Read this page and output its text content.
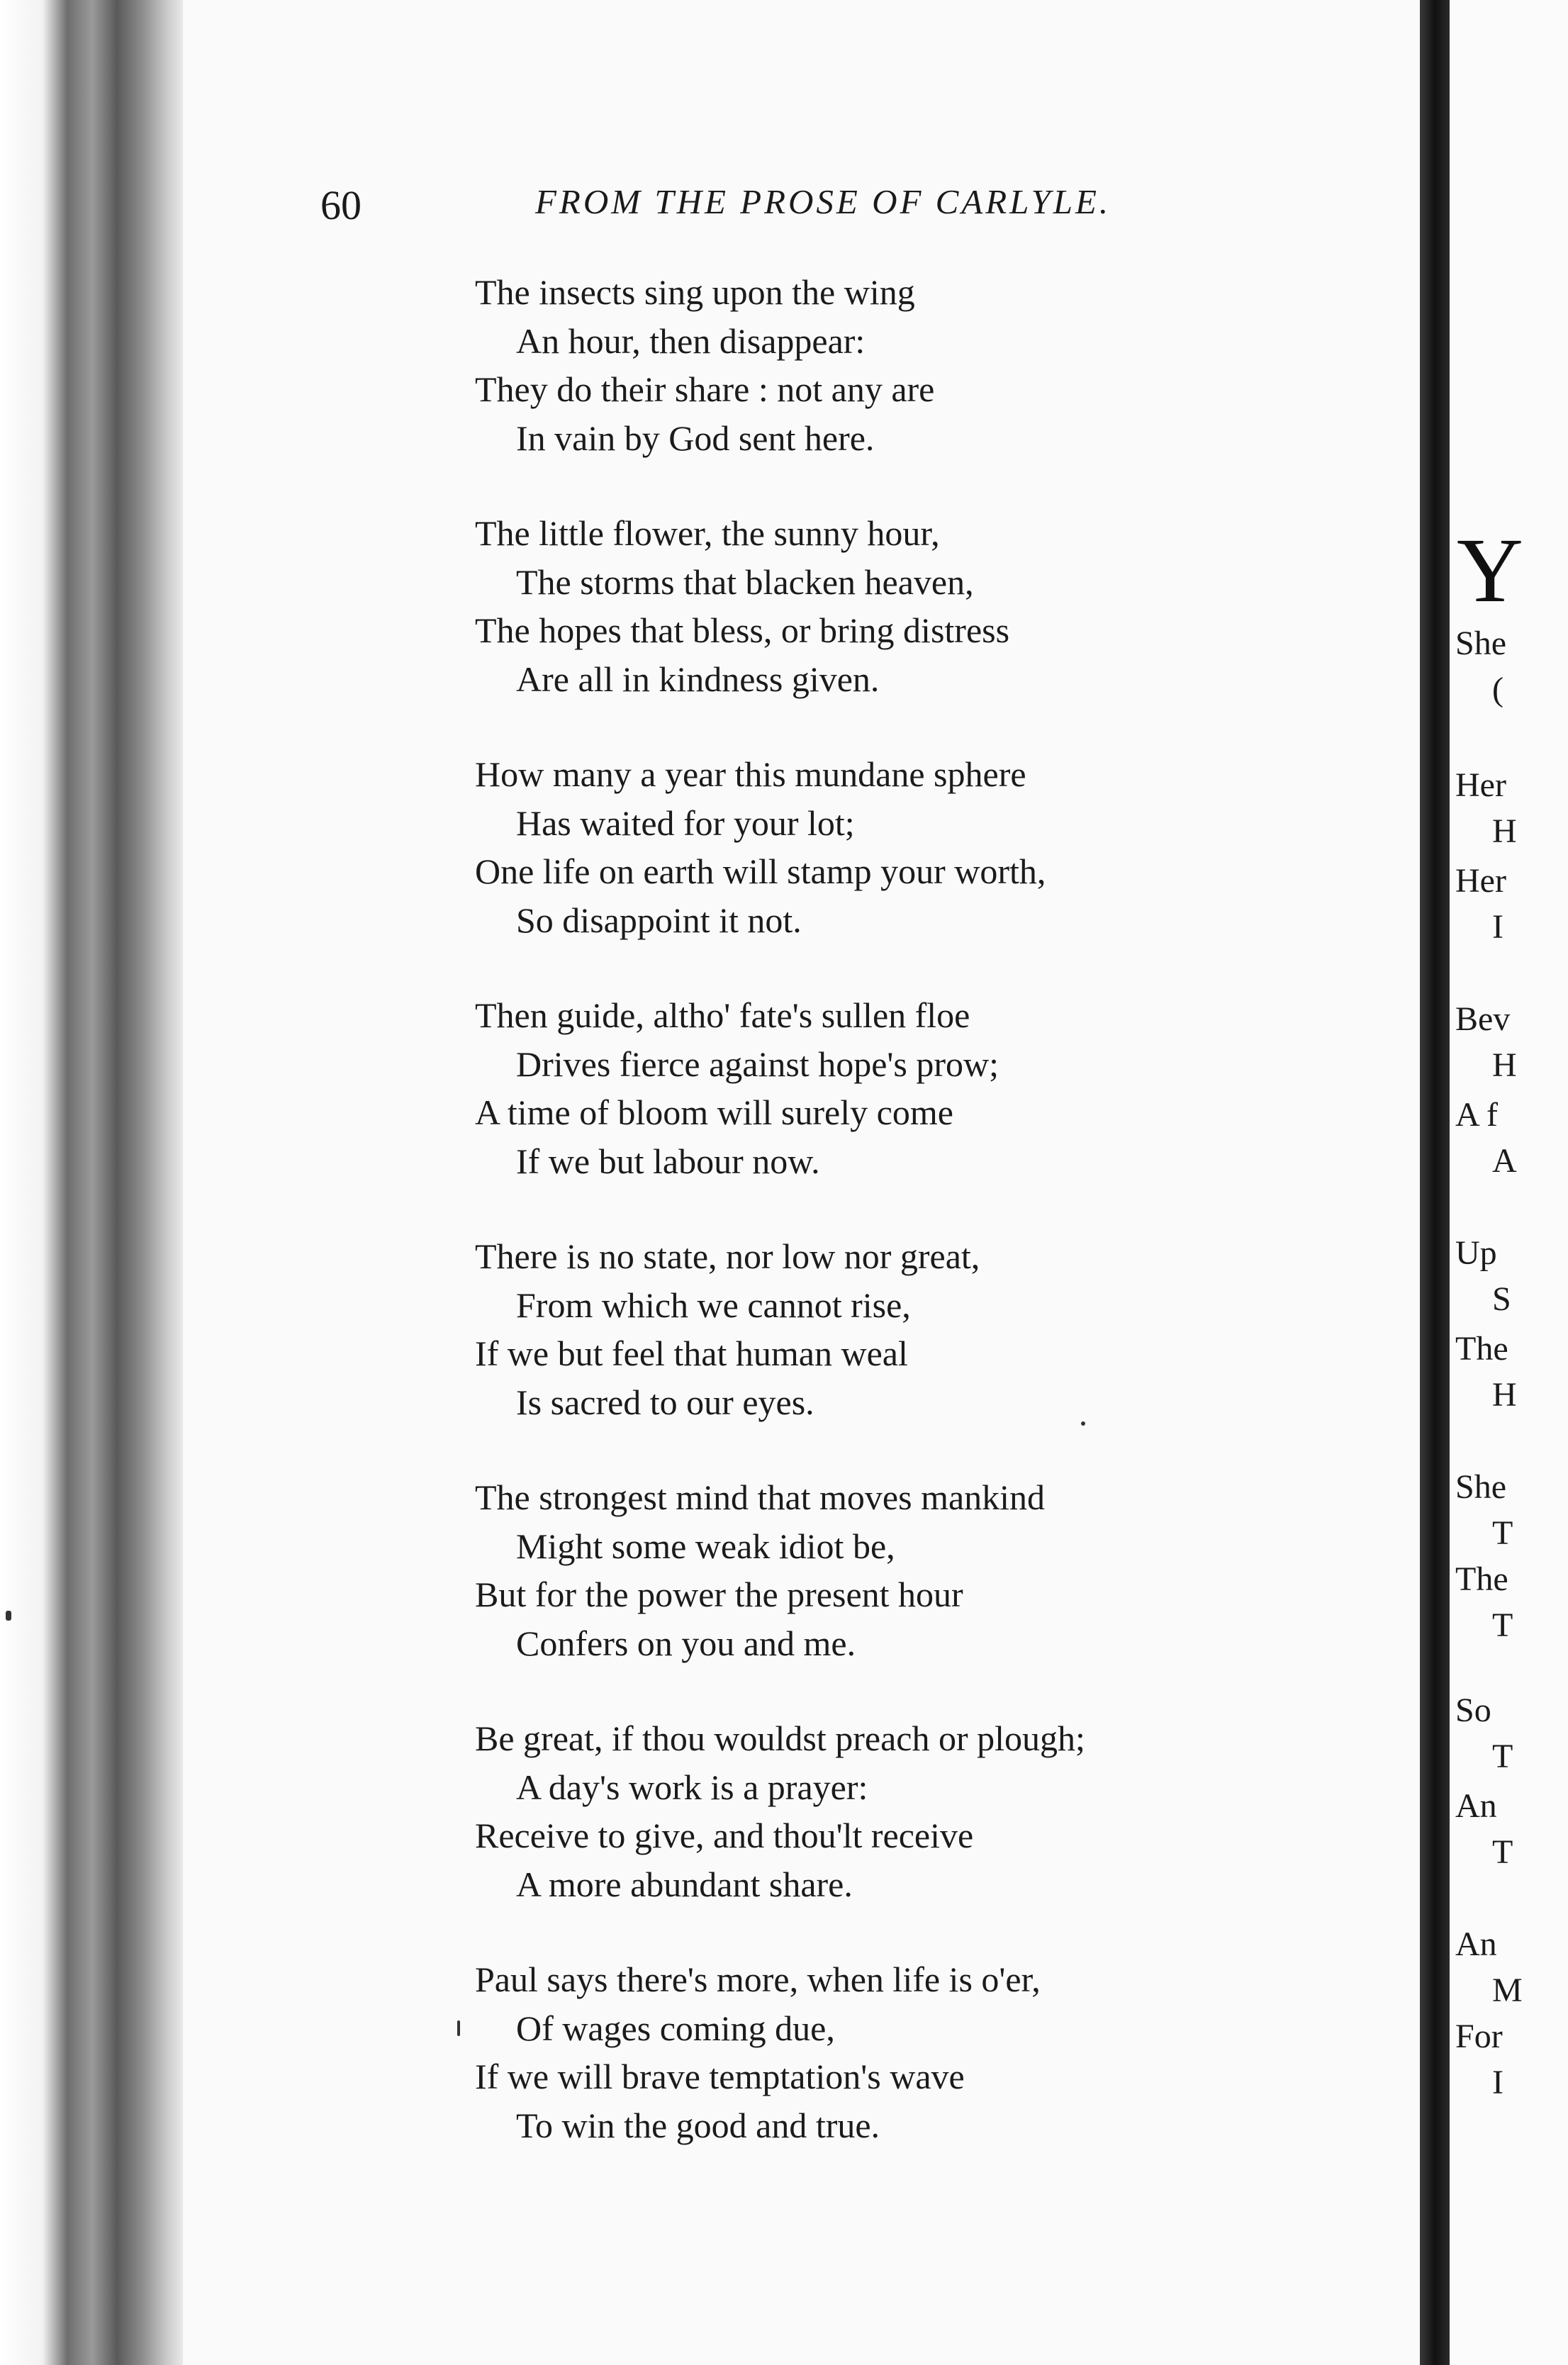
60	FROM THE PROSE OF CARLYLE.
The insects sing upon the wing
An hour, then disappear:
They do their share : not any are
In vain by God sent here.
The little flower, the sunny hour,
The storms that blacken heaven,
The hopes that bless, or bring distress
Are all in kindness given.
How many a year this mundane sphere
Has waited for your lot;
One life on earth will stamp your worth,
So disappoint it not.
Then guide, altho' fate's sullen floe
Drives fierce against hope's prow;
A time of bloom will surely come
If we but labour now.
There is no state, nor low nor great,
From which we cannot rise,
If we but feel that human weal
Is sacred to our eyes.
The strongest mind that moves mankind
Might some weak idiot be,
But for the power the present hour
Confers on you and me.
Be great, if thou wouldst preach or plough;
A day's work is a prayer:
Receive to give, and thou'lt receive
A more abundant share.
Paul says there's more, when life is o'er,
Of wages coming due,
If we will brave temptation's wave
To win the good and true.
Y
She
(
Her
H
Her
I
Bev
H
A f
A
Up
S
The
H
She
T
The
T
So
T
An
T
An
M
For
I
